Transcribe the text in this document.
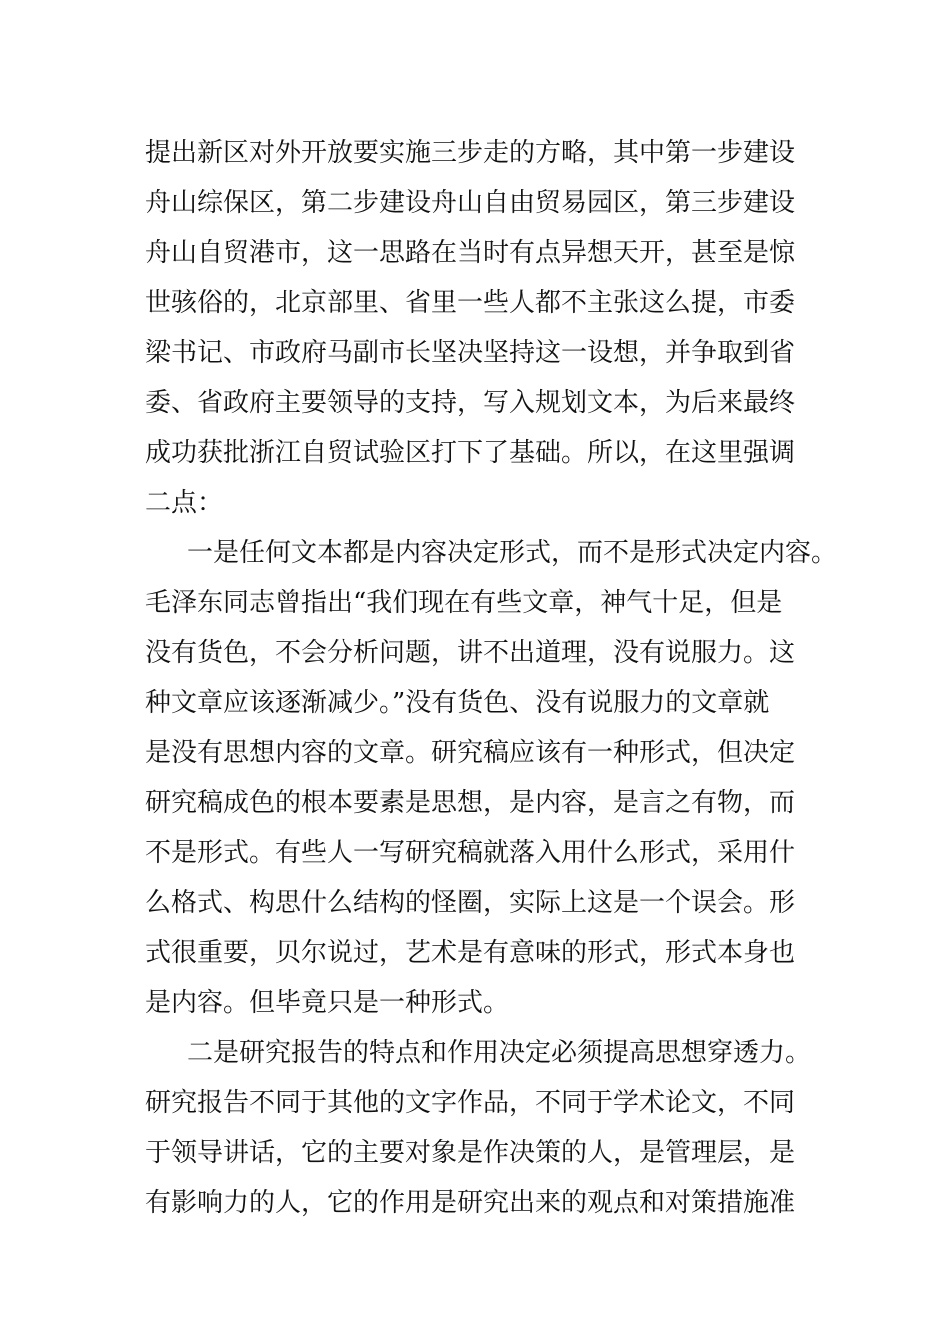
提出新区对外开放要实施三步走的方略，其中第一步建设
舟山综保区，第二步建设舟山自由贸易园区，第三步建设
舟山自贸港市，这一思路在当时有点异想天开，甚至是惊
世骇俗的，北京部里、省里一些人都不主张这么提，市委
梁书记、市政府马副市长坚决坚持这一设想，并争取到省
委、省政府主要领导的支持，写入规划文本，为后来最终
成功获批浙江自贸试验区打下了基础。所以，在这里强调
二点：
一是任何文本都是内容决定形式，而不是形式决定内容。
毛泽东同志曾指出“我们现在有些文章，神气十足，但是
没有货色，不会分析问题，讲不出道理，没有说服力。这
种文章应该逐渐减少。”没有货色、没有说服力的文章就
是没有思想内容的文章。研究稿应该有一种形式，但决定
研究稿成色的根本要素是思想，是内容，是言之有物，而
不是形式。有些人一写研究稿就落入用什么形式，采用什
么格式、构思什么结构的怪圈，实际上这是一个误会。形
式很重要，贝尔说过，艺术是有意味的形式，形式本身也
是内容。但毕竟只是一种形式。
二是研究报告的特点和作用决定必须提高思想穿透力。
研究报告不同于其他的文字作品，不同于学术论文，不同
于领导讲话，它的主要对象是作决策的人，是管理层，是
有影响力的人，它的作用是研究出来的观点和对策措施准
